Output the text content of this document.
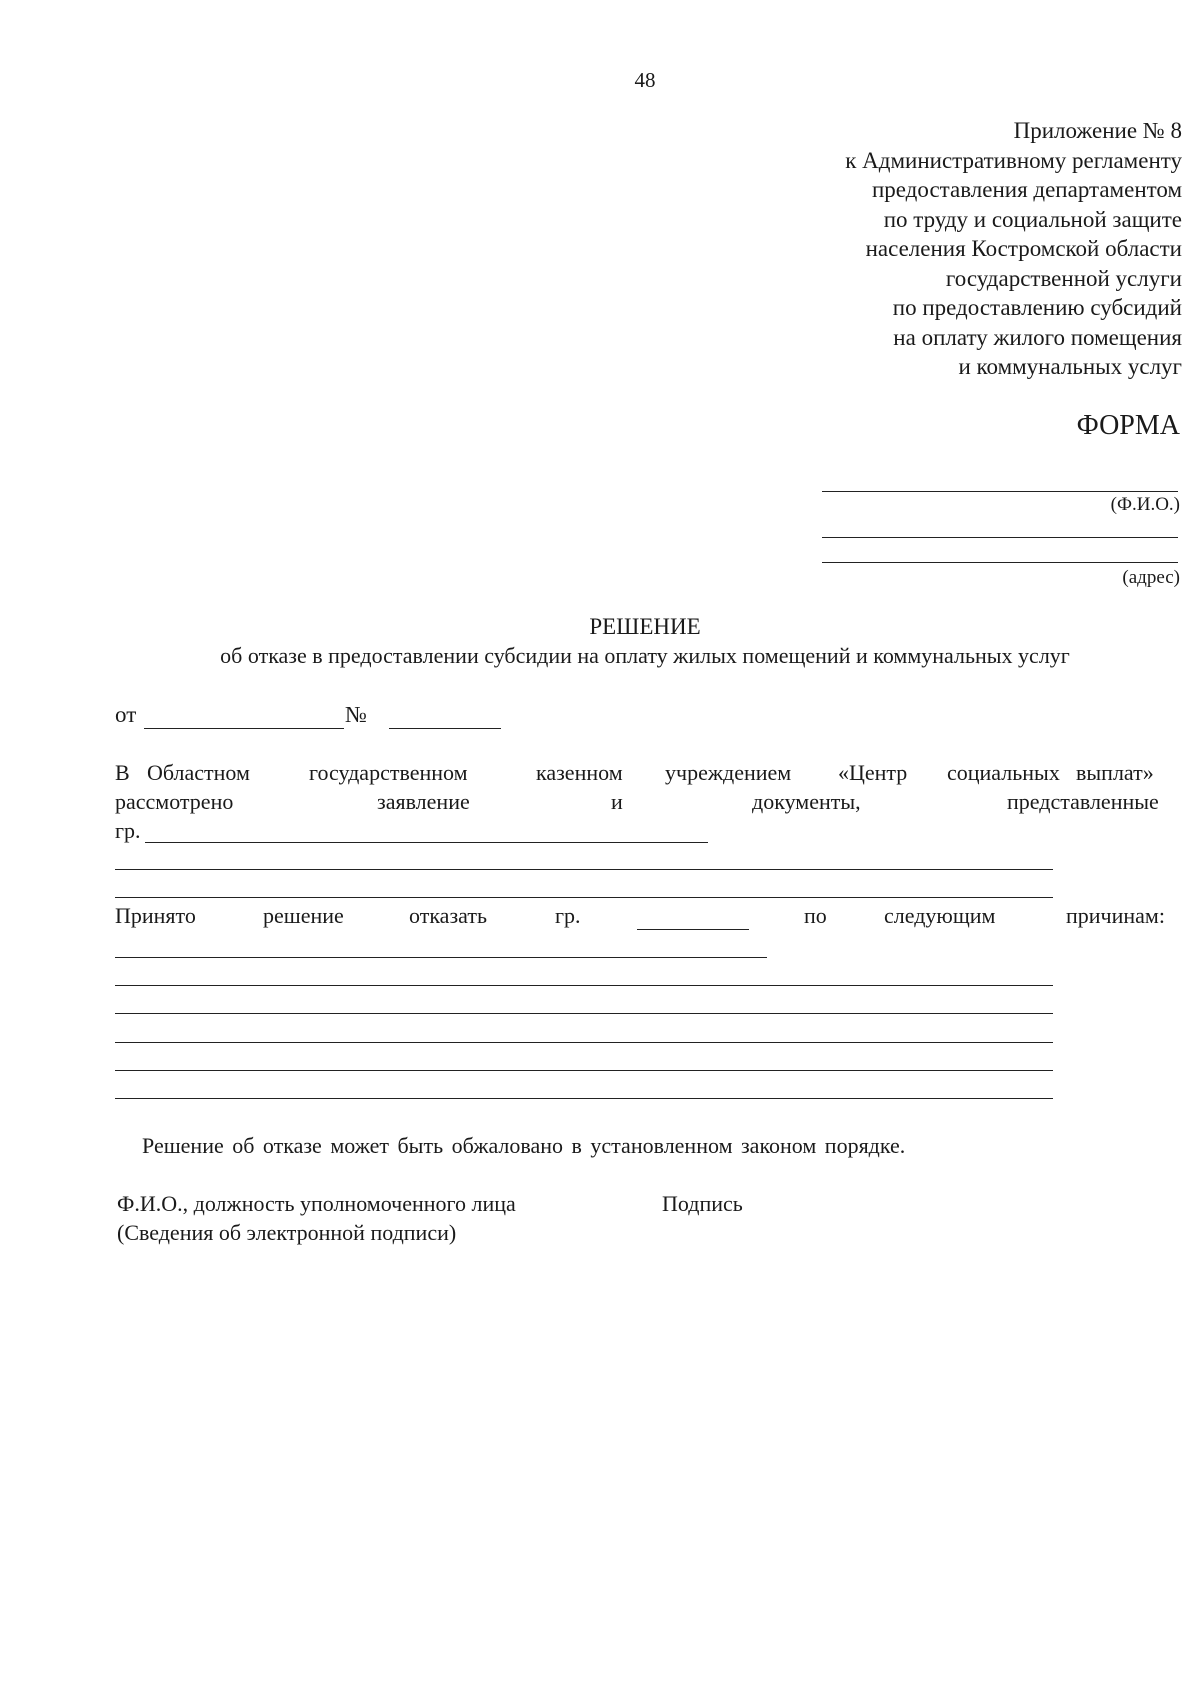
48
Приложение № 8
к Административному регламенту
предоставления департаментом
по труду и социальной защите
населения Костромской области
государственной услуги
по предоставлению субсидий
на оплату жилого помещения
и коммунальных услуг
ФОРМА
(Ф.И.О.)
(адрес)
РЕШЕНИЕ
об отказе в предоставлении субсидии на оплату жилых помещений и коммунальных услуг
от	№
В Областном	государственном	казенном учреждением «Центр социальных выплат»
рассмотрено	заявление	и	документы,	представленные
гр.
Принято	решение	отказать	гр.	по	следующим	причинам:
Решение об отказе может быть обжаловано в установленном законом порядке.
Ф.И.О., должность уполномоченного лица	Подпись
(Сведения об электронной подписи)
